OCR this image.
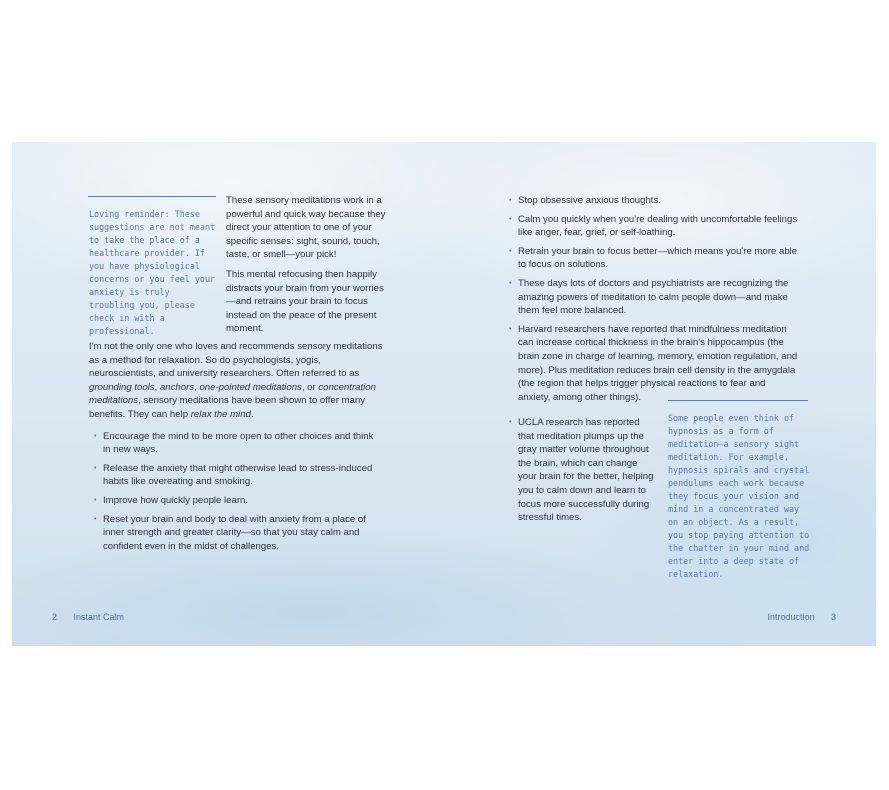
Loving reminder: These suggestions are not meant to take the place of a healthcare provider. If you have physiological concerns or you feel your anxiety is truly troubling you, please check in with a professional.

These sensory meditations work in a powerful and quick way because they direct your attention to one of your specific senses: sight, sound, touch, taste, or smell—your pick!

This mental refocusing then happily distracts your brain from your worries—and retrains your brain to focus instead on the peace of the present moment.

I'm not the only one who loves and recommends sensory meditations as a method for relaxation. So do psychologists, yogis, neuroscientists, and university researchers. Often referred to as grounding tools, anchors, one-pointed meditations, or concentration meditations, sensory meditations have been shown to offer many benefits. They can help relax the mind.

• Encourage the mind to be more open to other choices and think in new ways.
• Release the anxiety that might otherwise lead to stress-induced habits like overeating and smoking.
• Improve how quickly people learn.
• Reset your brain and body to deal with anxiety from a place of inner strength and greater clarity—so that you stay calm and confident even in the midst of challenges.
2 Instant Calm
• Stop obsessive anxious thoughts.
• Calm you quickly when you're dealing with uncomfortable feelings like anger, fear, grief, or self-loathing.
• Retrain your brain to focus better—which means you're more able to focus on solutions.
• These days lots of doctors and psychiatrists are recognizing the amazing powers of meditation to calm people down—and make them feel more balanced.
• Harvard researchers have reported that mindfulness meditation can increase cortical thickness in the brain's hippocampus (the brain zone in charge of learning, memory, emotion regulation, and more). Plus meditation reduces brain cell density in the amygdala (the region that helps trigger physical reactions to fear and anxiety, among other things).
• UCLA research has reported that meditation plumps up the gray matter volume throughout the brain, which can change your brain for the better, helping you to calm down and learn to focus more successfully during stressful times.
Some people even think of hypnosis as a form of meditation—a sensory sight meditation. For example, hypnosis spirals and crystal pendulums each work because they focus your vision and mind in a concentrated way on an object. As a result, you stop paying attention to the chatter in your mind and enter into a deep state of relaxation.
Introduction 3
